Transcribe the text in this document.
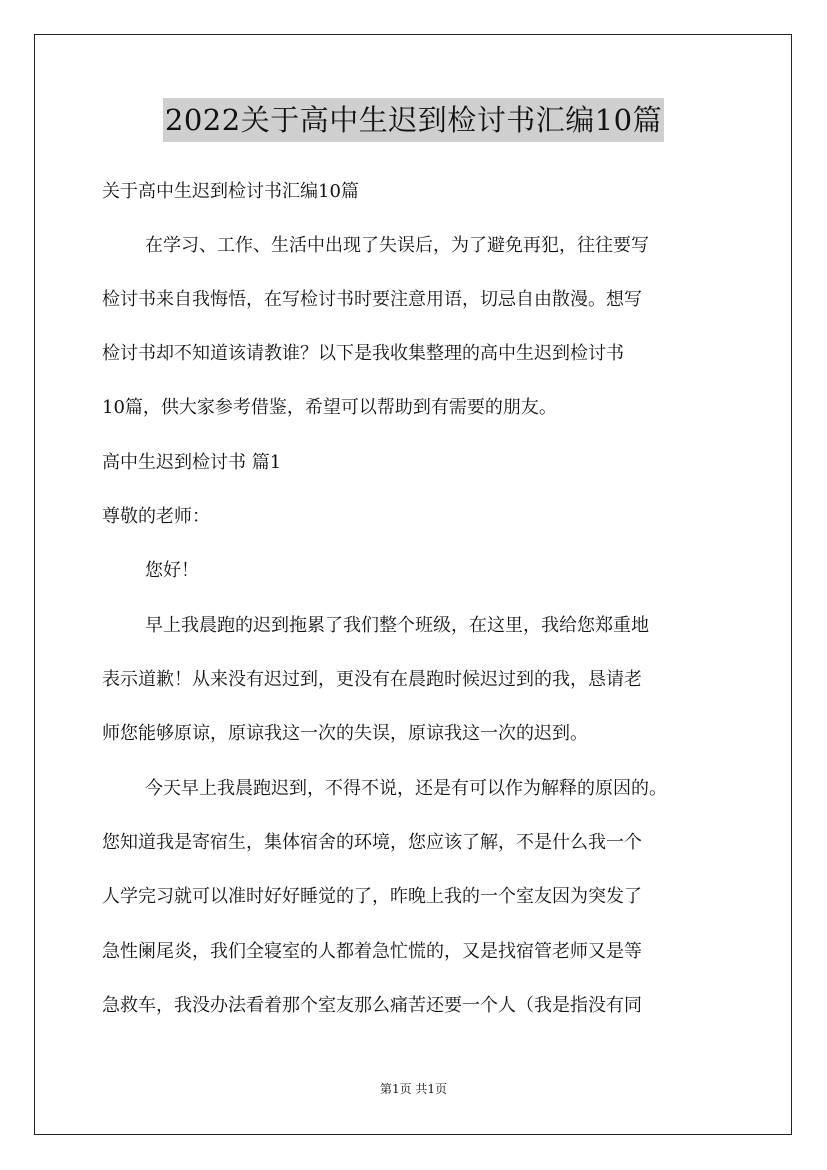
2022关于高中生迟到检讨书汇编10篇
关于高中生迟到检讨书汇编10篇
在学习、工作、生活中出现了失误后，为了避免再犯，往往要写
检讨书来自我悔悟，在写检讨书时要注意用语，切忌自由散漫。想写
检讨书却不知道该请教谁？以下是我收集整理的高中生迟到检讨书
10篇，供大家参考借鉴，希望可以帮助到有需要的朋友。
高中生迟到检讨书 篇1
尊敬的老师：
您好！
早上我晨跑的迟到拖累了我们整个班级，在这里，我给您郑重地
表示道歉！从来没有迟过到，更没有在晨跑时候迟过到的我，恳请老
师您能够原谅，原谅我这一次的失误，原谅我这一次的迟到。
今天早上我晨跑迟到，不得不说，还是有可以作为解释的原因的。
您知道我是寄宿生，集体宿舍的环境，您应该了解，不是什么我一个
人学完习就可以准时好好睡觉的了，昨晚上我的一个室友因为突发了
急性阑尾炎，我们全寝室的人都着急忙慌的，又是找宿管老师又是等
急救车，我没办法看着那个室友那么痛苦还要一个人（我是指没有同
第1页 共1页
